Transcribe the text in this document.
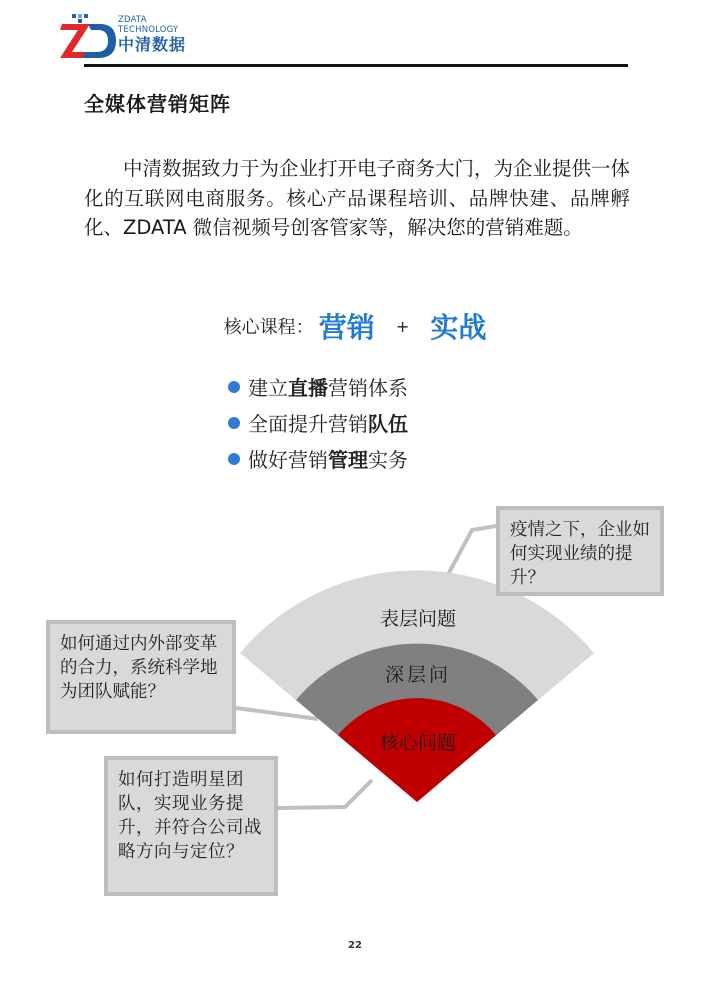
ZDATA
TECHNOLOGY
中清数据
全媒体营销矩阵

中清数据致力于为企业打开电子商务大门，为企业提供一体化的互联网电商服务。核心产品课程培训、品牌快建、品牌孵化、ZDATA 微信视频号创客管家等，解决您的营销难题。

核心课程： 营销 + 实战
建立直播营销体系
全面提升营销队伍
做好营销管理实务
表层问题
深层问
核心问题

疫情之下，企业如何实现业绩的提升？

如何通过内外部变革的合力，系统科学地为团队赋能？

如何打造明星团队，实现业务提升，并符合公司战略方向与定位？

22
